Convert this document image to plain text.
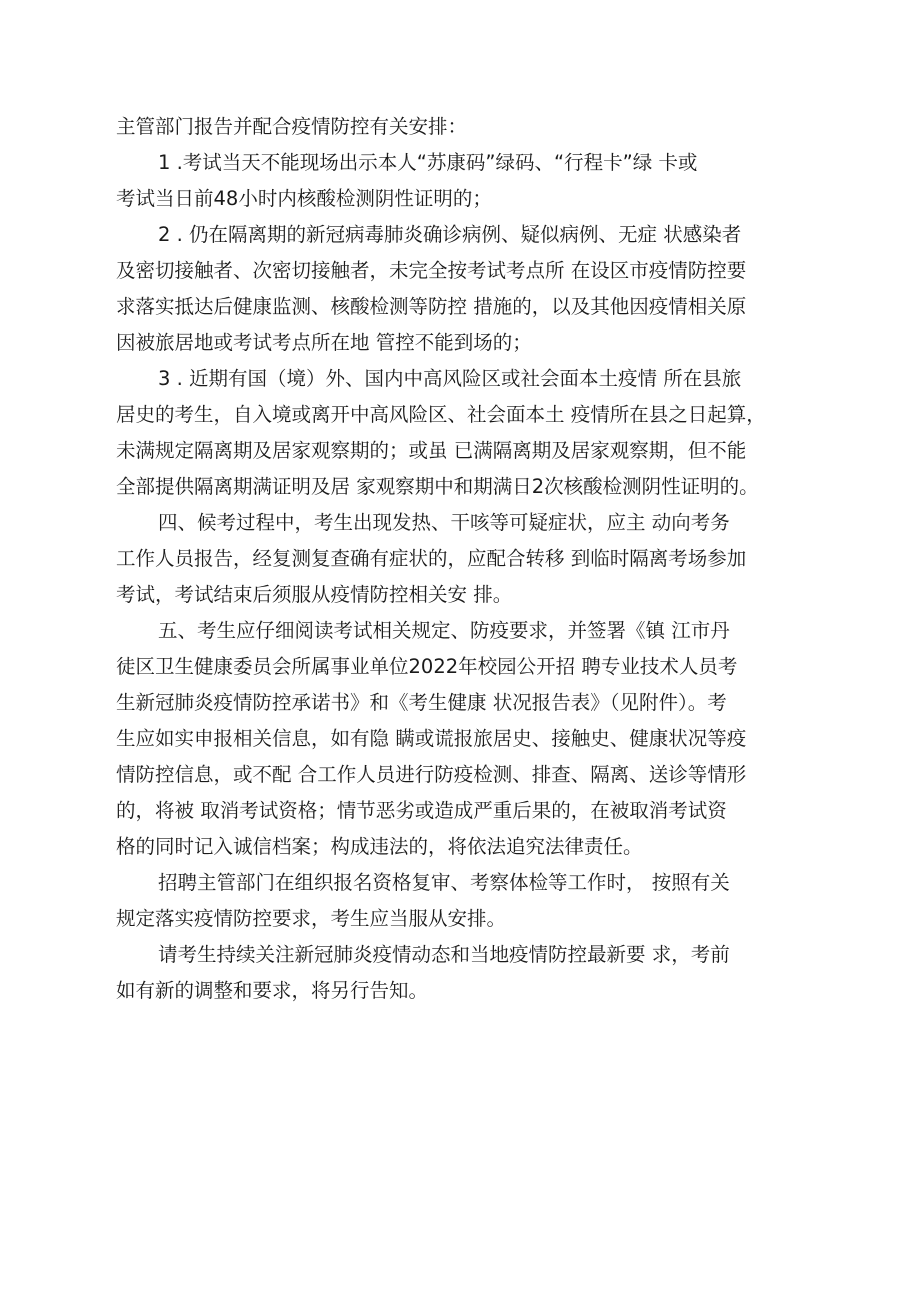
主管部门报告并配合疫情防控有关安排：

1 .考试当天不能现场出示本人“苏康码”绿码、“行程卡”绿 卡或
考试当日前48小时内核酸检测阴性证明的；

2 . 仍在隔离期的新冠病毒肺炎确诊病例、疑似病例、无症 状感染者
及密切接触者、次密切接触者，未完全按考试考点所 在设区市疫情防控要
求落实抵达后健康监测、核酸检测等防控 措施的，以及其他因疫情相关原
因被旅居地或考试考点所在地 管控不能到场的；

3 . 近期有国（境）外、国内中高风险区或社会面本土疫情 所在县旅
居史的考生，自入境或离开中高风险区、社会面本土 疫情所在县之日起算，
未满规定隔离期及居家观察期的；或虽 已满隔离期及居家观察期，但不能
全部提供隔离期满证明及居 家观察期中和期满日2次核酸检测阴性证明的。

四、候考过程中，考生出现发热、干咳等可疑症状，应主 动向考务
工作人员报告，经复测复查确有症状的，应配合转移 到临时隔离考场参加
考试，考试结束后须服从疫情防控相关安 排。

五、考生应仔细阅读考试相关规定、防疫要求，并签署《镇 江市丹
徒区卫生健康委员会所属事业单位2022年校园公开招 聘专业技术人员考
生新冠肺炎疫情防控承诺书》和《考生健康 状况报告表》（见附件）。考
生应如实申报相关信息，如有隐 瞒或谎报旅居史、接触史、健康状况等疫
情防控信息，或不配 合工作人员进行防疫检测、排查、隔离、送诊等情形
的，将被 取消考试资格；情节恶劣或造成严重后果的，在被取消考试资
格的同时记入诚信档案；构成违法的，将依法追究法律责任。

招聘主管部门在组织报名资格复审、考察体检等工作时， 按照有关
规定落实疫情防控要求，考生应当服从安排。

请考生持续关注新冠肺炎疫情动态和当地疫情防控最新要 求，考前
如有新的调整和要求，将另行告知。
